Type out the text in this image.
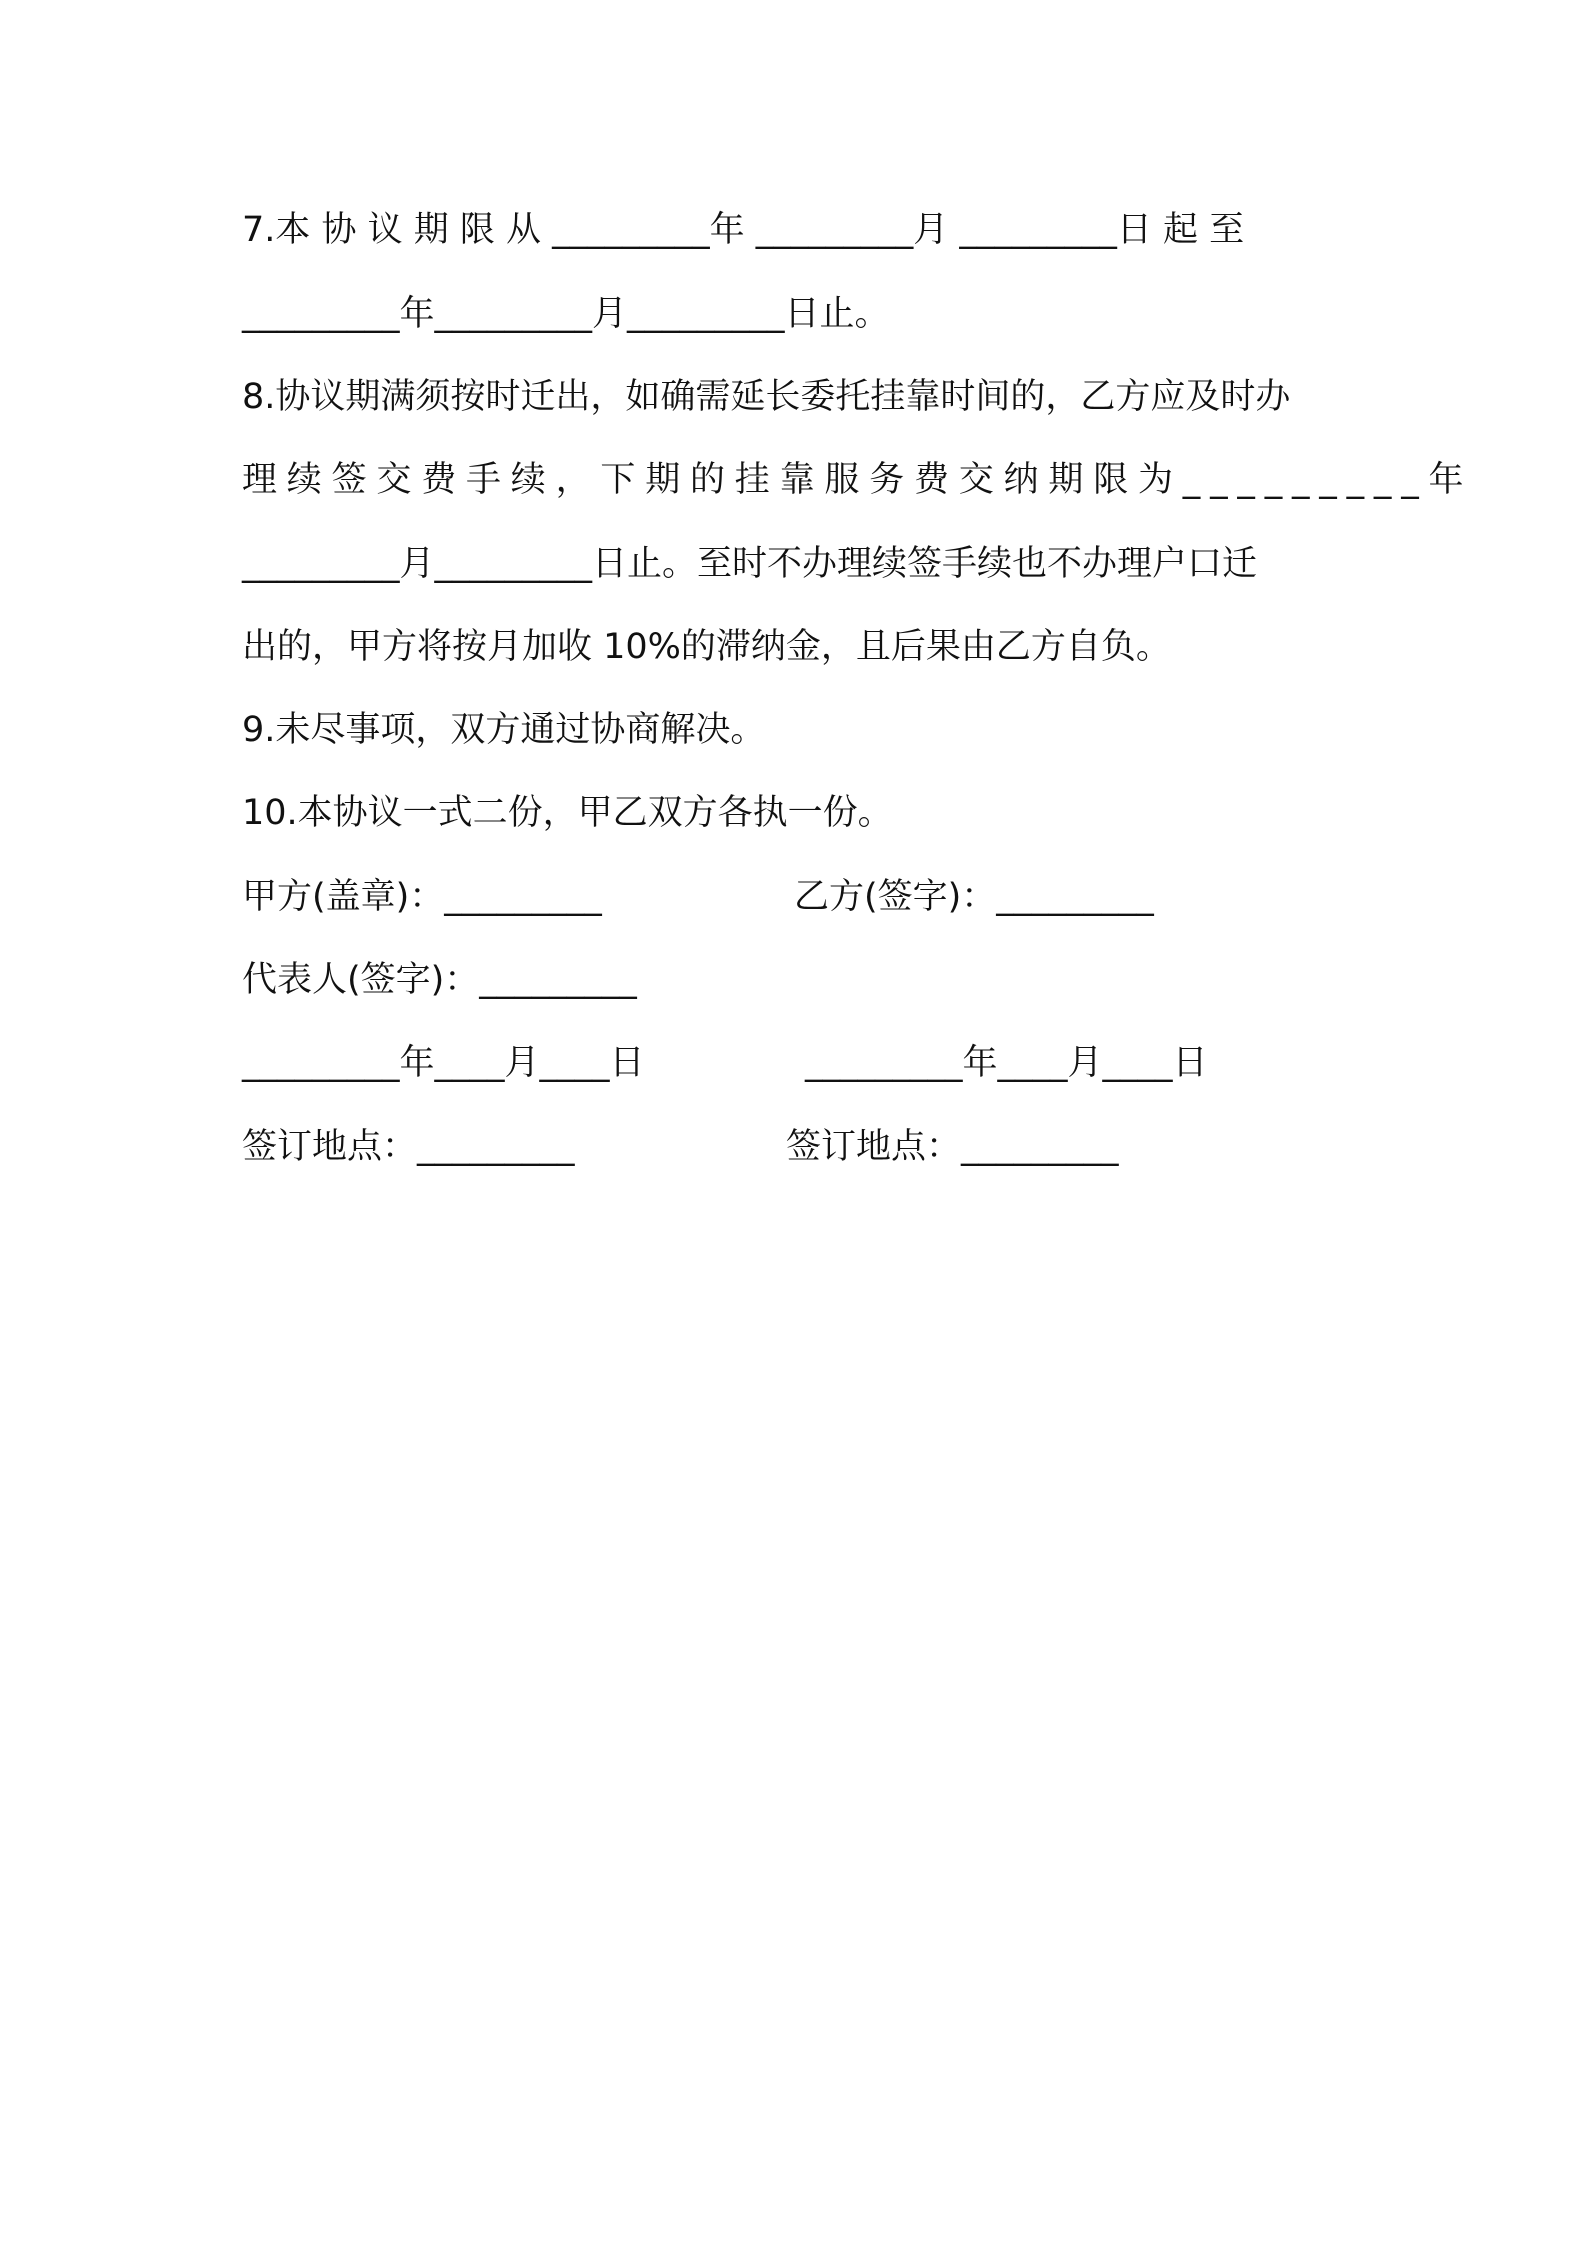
7.本 协 议 期 限 从 _________年 _________月 _________日 起 至
_________年_________月_________日止。
8.协议期满须按时迁出，如确需延长委托挂靠时间的，乙方应及时办
理续签交费手续，下期的挂靠服务费交纳期限为_________年
_________月_________日止。至时不办理续签手续也不办理户口迁
出的，甲方将按月加收 10%的滞纳金，且后果由乙方自负。
9.未尽事项，双方通过协商解决。
10.本协议一式二份，甲乙双方各执一份。
甲方(盖章)：_________	乙方(签字)：_________
代表人(签字)：_________
_________年____月____日	_________年____月____日
签订地点：_________	签订地点：_________
